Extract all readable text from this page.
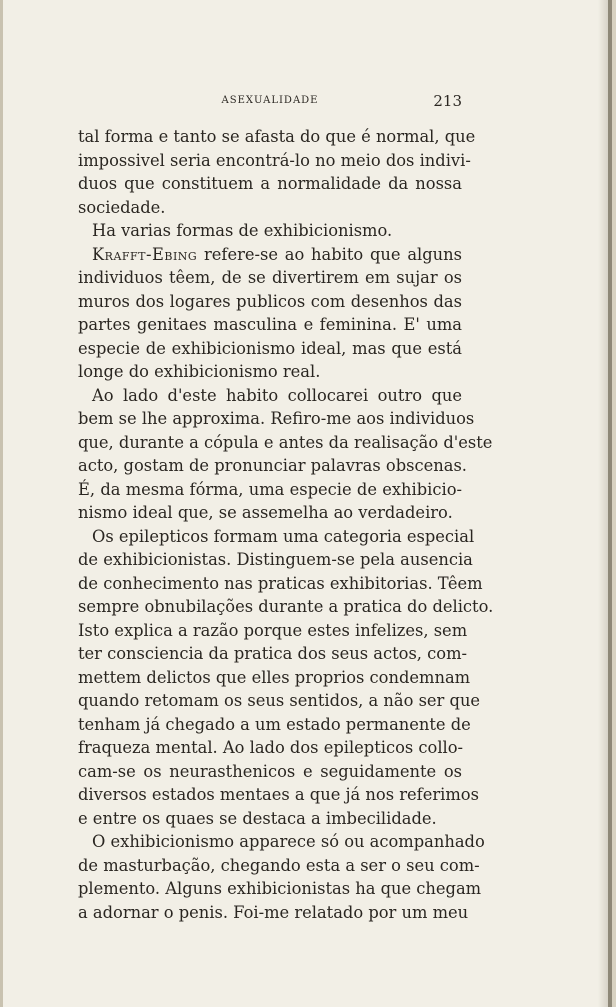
ASEXUALIDADE	213
tal forma e tanto se afasta do que é normal, que
impossivel seria encontrá-lo no meio dos indivi-
duos que constituem a normalidade da nossa
sociedade.
Ha varias formas de exhibicionismo.
Krafft-Ebing refere-se ao habito que alguns
individuos têem, de se divertirem em sujar os
muros dos logares publicos com desenhos das
partes genitaes masculina e feminina. E' uma
especie de exhibicionismo ideal, mas que está
longe do exhibicionismo real.
Ao lado d'este habito collocarei outro que
bem se lhe approxima. Refiro-me aos individuos
que, durante a cópula e antes da realisação d'este
acto, gostam de pronunciar palavras obscenas.
É, da mesma fórma, uma especie de exhibicio-
nismo ideal que, se assemelha ao verdadeiro.
Os epilepticos formam uma categoria especial
de exhibicionistas. Distinguem-se pela ausencia
de conhecimento nas praticas exhibitorias. Têem
sempre obnubilações durante a pratica do delicto.
Isto explica a razão porque estes infelizes, sem
ter consciencia da pratica dos seus actos, com-
mettem delictos que elles proprios condemnam
quando retomam os seus sentidos, a não ser que
tenham já chegado a um estado permanente de
fraqueza mental. Ao lado dos epilepticos collo-
cam-se os neurasthenicos e seguidamente os
diversos estados mentaes a que já nos referimos
e entre os quaes se destaca a imbecilidade.
O exhibicionismo apparece só ou acompanhado
de masturbação, chegando esta a ser o seu com-
plemento. Alguns exhibicionistas ha que chegam
a adornar o penis. Foi-me relatado por um meu
